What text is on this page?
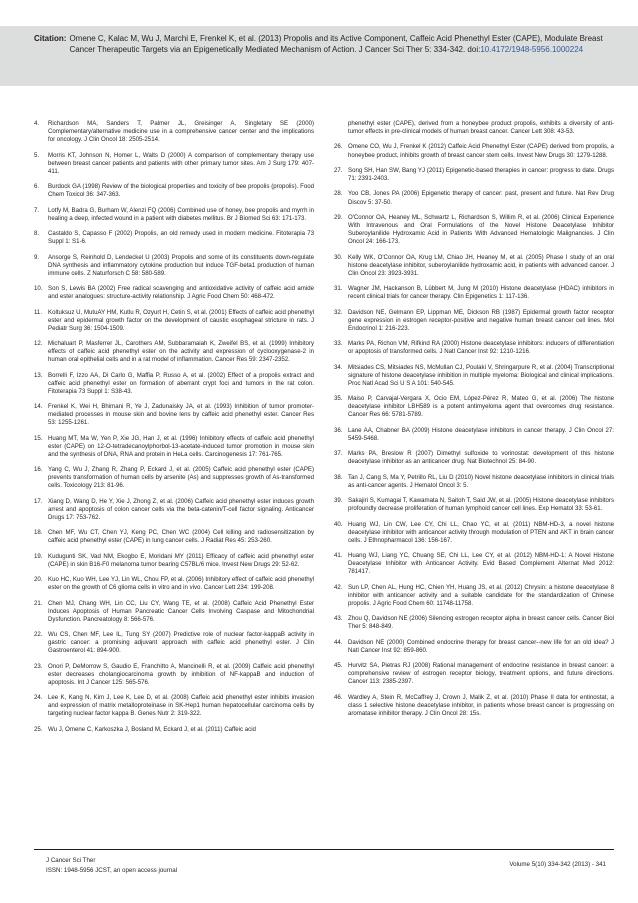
Citation: Omene C, Kalac M, Wu J, Marchi E, Frenkel K, et al. (2013) Propolis and its Active Component, Caffeic Acid Phenethyl Ester (CAPE), Modulate Breast Cancer Therapeutic Targets via an Epigenetically Mediated Mechanism of Action. J Cancer Sci Ther 5: 334-342. doi:10.4172/1948-5956.1000224
4.	Richardson MA, Sanders T, Palmer JL, Greisinger A, Singletary SE (2000) Complementary/alternative medicine use in a comprehensive cancer center and the implications for oncology. J Clin Oncol 18: 2505-2514.
5.	Morris KT, Johnson N, Homer L, Walts D (2000) A comparison of complementary therapy use between breast cancer patients and patients with other primary tumor sites. Am J Surg 179: 407-411.
6.	Burdock GA (1998) Review of the biological properties and toxicity of bee propolis (propolis). Food Chem Toxicol 36: 347-363.
7.	Lotfy M, Badra G, Burham W, Alenzi FQ (2006) Combined use of honey, bee propolis and myrrh in healing a deep, infected wound in a patient with diabetes mellitus. Br J Biomed Sci 63: 171-173.
8.	Castaldo S, Capasso F (2002) Propolis, an old remedy used in modern medicine. Fitoterapia 73 Suppl 1: S1-6.
9.	Ansorge S, Reinhold D, Lendeckel U (2003) Propolis and some of its constituents down-regulate DNA synthesis and inflammatory cytokine production but induce TGF-beta1 production of human immune cells. Z Naturforsch C 58: 580-589.
10. Son S, Lewis BA (2002) Free radical scavenging and antioxidative activity of caffeic acid amide and ester analogues: structure-activity relationship. J Agric Food Chem 50: 468-472.
11. Koltuksuz U, MutuAY HM, Kutlu R, Ozyurt H, Cetin S, et al. (2001) Effects of caffeic acid phenethyl ester and epidermal growth factor on the development of caustic esophageal stricture in rats. J Pediatr Surg 36: 1504-1509.
12. Michaluart P, Masferrer JL, Carothers AM, Subbaramaiah K, Zweifel BS, et al. (1999) Inhibitory effects of caffeic acid phenethyl ester on the activity and expression of cyclooxygenase-2 in human oral epithelial cells and in a rat model of inflammation. Cancer Res 59: 2347-2352.
13. Borrelli F, Izzo AA, Di Carlo G, Maffia P, Russo A, et al. (2002) Effect of a propolis extract and caffeic acid phenethyl ester on formation of aberrant crypt foci and tumors in the rat colon. Fitoterapia 73 Suppl 1: S38-43.
14. Frenkel K, Wei H, Bhimani R, Ye J, Zadunaisky JA, et al. (1993) Inhibition of tumor promoter-mediated processes in mouse skin and bovine lens by caffeic acid phenethyl ester. Cancer Res 53: 1255-1261.
15. Huang MT, Ma W, Yen P, Xie JG, Han J, et al. (1996) Inhibitory effects of caffeic acid phenethyl ester (CAPE) on 12-O-tetradecanoylphorbol-13-acetate-induced tumor promotion in mouse skin and the synthesis of DNA, RNA and protein in HeLa cells. Carcinogenesis 17: 761-765.
16. Yang C, Wu J, Zhang R, Zhang P, Eckard J, et al. (2005) Caffeic acid phenethyl ester (CAPE) prevents transformation of human cells by arsenite (As) and suppresses growth of As-transformed cells. Toxicology 213: 81-96.
17. Xiang D, Wang D, He Y, Xie J, Zhong Z, et al. (2006) Caffeic acid phenethyl ester induces growth arrest and apoptosis of colon cancer cells via the beta-catenin/T-cell factor signaling. Anticancer Drugs 17: 753-762.
18. Chen MF, Wu CT, Chen YJ, Keng PC, Chen WC (2004) Cell killing and radiosensitization by caffeic acid phenethyl ester (CAPE) in lung cancer cells. J Radiat Res 45: 253-260.
19. Kudugunti SK, Vad NM, Ekogbo E, Moridani MY (2011) Efficacy of caffeic acid phenethyl ester (CAPE) in skin B16-F0 melanoma tumor bearing C57BL/6 mice. Invest New Drugs 29: 52-62.
20. Kuo HC, Kuo WH, Lee YJ, Lin WL, Chou FP, et al. (2006) Inhibitory effect of caffeic acid phenethyl ester on the growth of C6 glioma cells in vitro and in vivo. Cancer Lett 234: 199-208.
21. Chen MJ, Chang WH, Lin CC, Liu CY, Wang TE, et al. (2008) Caffeic Acid Phenethyl Ester Induces Apoptosis of Human Pancreatic Cancer Cells Involving Caspase and Mitochondrial Dysfunction. Pancreatology 8: 566-576.
22. Wu CS, Chen MF, Lee IL, Tung SY (2007) Predictive role of nuclear factor-kappaB activity in gastric cancer: a promising adjuvant approach with caffeic acid phenethyl ester. J Clin Gastroenterol 41: 894-900.
23. Onori P, DeMorrow S, Gaudio E, Franchitto A, Mancinelli R, et al. (2009) Caffeic acid phenethyl ester decreases cholangiocarcinoma growth by inhibition of NF-kappaB and induction of apoptosis. Int J Cancer 125: 565-576.
24. Lee K, Kang N, Kim J, Lee K, Lee D, et al. (2008) Caffeic acid phenethyl ester inhibits invasion and expression of matrix metalloproteinase in SK-Hep1 human hepatocellular carcinoma cells by targeting nuclear factor kappa B. Genes Nutr 2: 319-322.
25. Wu J, Omene C, Karkoszka J, Bosland M, Eckard J, et al. (2011) Caffeic acid
phenethyl ester (CAPE), derived from a honeybee product propolis, exhibits a diversity of anti-tumor effects in pre-clinical models of human breast cancer. Cancer Lett 308: 43-53.
26. Omene CO, Wu J, Frenkel K (2012) Caffeic Acid Phenethyl Ester (CAPE) derived from propolis, a honeybee product, inhibits growth of breast cancer stem cells. Invest New Drugs 30: 1279-1288.
27. Song SH, Han SW, Bang YJ (2011) Epigenetic-based therapies in cancer: progress to date. Drugs 71: 2391-2403.
28. Yoo CB, Jones PA (2006) Epigenetic therapy of cancer: past, present and future. Nat Rev Drug Discov 5: 37-50.
29. O'Connor OA, Heaney ML, Schwartz L, Richardson S, Willim R, et al. (2006) Clinical Experience With Intravenous and Oral Formulations of the Novel Histone Deacetylase Inhibitor Suberoylanilide Hydroxamic Acid in Patients With Advanced Hematologic Malignancies. J Clin Oncol 24: 166-173.
30. Kelly WK, O'Connor OA, Krug LM, Chiao JH, Heaney M, et al. (2005) Phase I study of an oral histone deacetylase inhibitor, suberoylanilide hydroxamic acid, in patients with advanced cancer. J Clin Oncol 23: 3923-3931.
31. Wagner JM, Hackanson B, Lübbert M, Jung M (2010) Histone deacetylase (HDAC) inhibitors in recent clinical trials for cancer therapy. Clin Epigenetics 1: 117-136.
32. Davidson NE, Gelmann EP, Lippman ME, Dickson RB (1987) Epidermal growth factor receptor gene expression in estrogen receptor-positive and negative human breast cancer cell lines. Mol Endocrinol 1: 216-223.
33. Marks PA, Richon VM, Rifkind RA (2000) Histone deacetylase inhibitors: inducers of differentiation or apoptosis of transformed cells. J Natl Cancer Inst 92: 1210-1216.
34. Mitsiades CS, Mitsiades NS, McMullan CJ, Poulaki V, Shringarpure R, et al. (2004) Transcriptional signature of histone deacetylase inhibition in multiple myeloma: Biological and clinical implications. Proc Natl Acad Sci U S A 101: 540-545.
35. Maiso P, Carvajal-Vergara X, Ocio EM, López-Pérez R, Mateo G, et al. (2006) The histone deacetylase inhibitor LBH589 is a potent antimyeloma agent that overcomes drug resistance. Cancer Res 66: 5781-5789.
36. Lane AA, Chabner BA (2009) Histone deacetylase inhibitors in cancer therapy. J Clin Oncol 27: 5459-5468.
37. Marks PA, Breslow R (2007) Dimethyl sulfoxide to vorinostat: development of this histone deacetylase inhibitor as an anticancer drug. Nat Biotechnol 25: 84-90.
38. Tan J, Cang S, Ma Y, Petrillo RL, Liu D (2010) Novel histone deacetylase inhibitors in clinical trials as anti-cancer agents. J Hematol Oncol 3: 5.
39. Sakajiri S, Kumagai T, Kawamata N, Saitoh T, Said JW, et al. (2005) Histone deacetylase inhibitors profoundly decrease proliferation of human lymphoid cancer cell lines. Exp Hematol 33: 53-61.
40. Huang WJ, Lin CW, Lee CY, Chi LL, Chao YC, et al. (2011) NBM-HD-3, a novel histone deacetylase inhibitor with anticancer activity through modulation of PTEN and AKT in brain cancer cells. J Ethnopharmacol 136: 156-167.
41. Huang WJ, Liang YC, Chuang SE, Chi LL, Lee CY, et al. (2012) NBM-HD-1: A Novel Histone Deacetylase Inhibitor with Anticancer Activity. Evid Based Complement Alternat Med 2012: 781417.
42. Sun LP, Chen AL, Hung HC, Chien YH, Huang JS, et al. (2012) Chrysin: a histone deacetylase 8 inhibitor with anticancer activity and a suitable candidate for the standardization of Chinese propolis. J Agric Food Chem 60: 11748-11758.
43. Zhou Q, Davidson NE (2006) Silencing estrogen receptor alpha in breast cancer cells. Cancer Biol Ther 5: 848-849.
44. Davidson NE (2000) Combined endocrine therapy for breast cancer--new life for an old idea? J Natl Cancer Inst 92: 859-860.
45. Hurvitz SA, Pietras RJ (2008) Rational management of endocrine resistance in breast cancer: a comprehensive review of estrogen receptor biology, treatment options, and future directions. Cancer 113: 2385-2397.
46. Wardley A, Stein R, McCaffrey J, Crown J, Malik Z, et al. (2010) Phase II data for entinostat, a class 1 selective histone deacetylase inhibitor, in patients whose breast cancer is progressing on aromatase inhibitor therapy. J Clin Oncol 28: 15s.
J Cancer Sci Ther
ISSN: 1948-5956 JCST, an open access journal
Volume 5(10) 334-342 (2013) - 341
